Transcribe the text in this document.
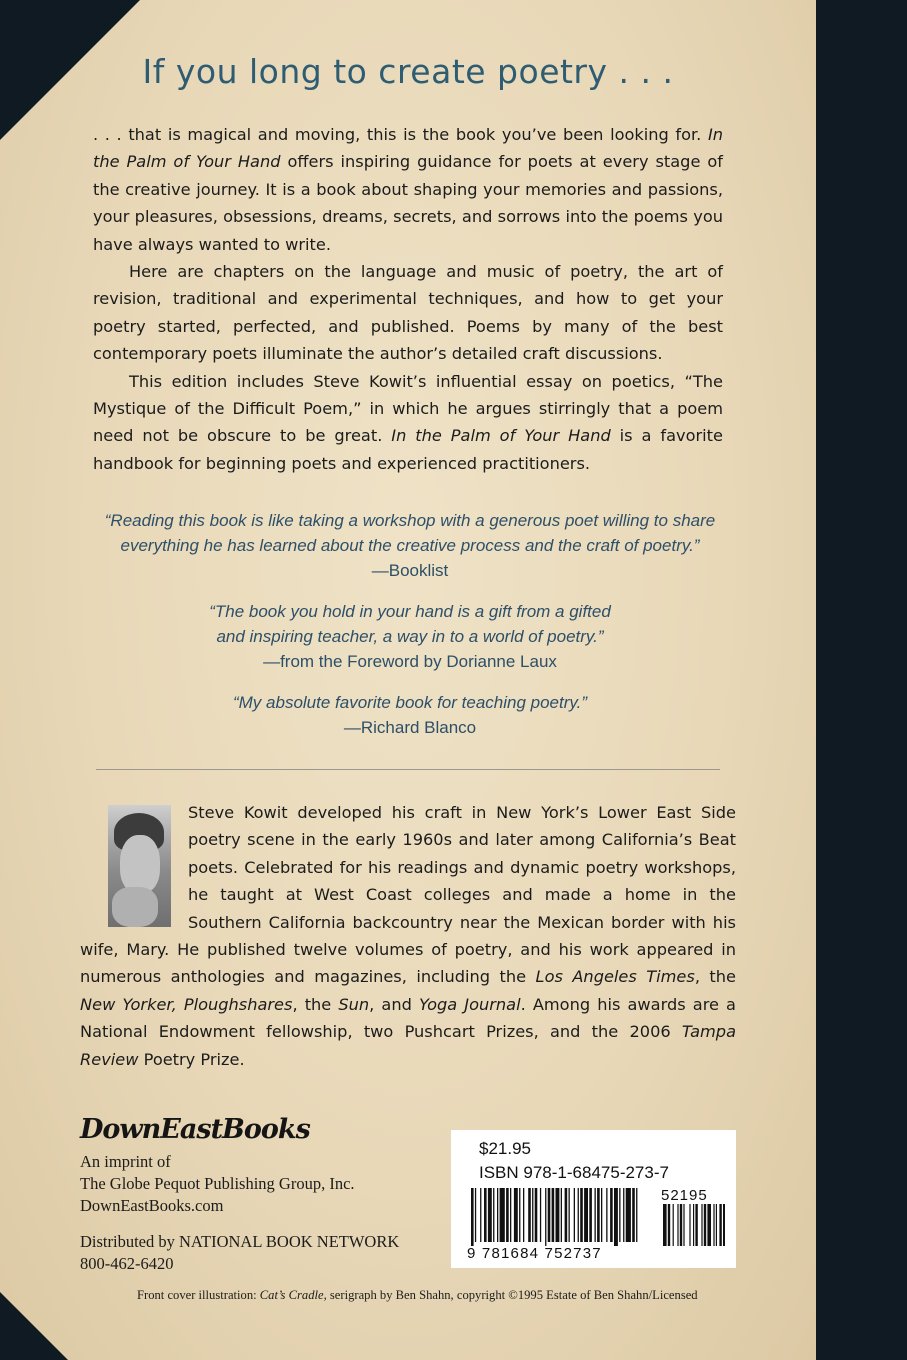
If you long to create poetry . . .

. . . that is magical and moving, this is the book you’ve been looking for. In the Palm of Your Hand offers inspiring guidance for poets at every stage of the creative journey. It is a book about shaping your memories and passions, your pleasures, obsessions, dreams, secrets, and sorrows into the poems you have always wanted to write.

Here are chapters on the language and music of poetry, the art of revision, traditional and experimental techniques, and how to get your poetry started, perfected, and published. Poems by many of the best contemporary poets illuminate the author’s detailed craft discussions.

This edition includes Steve Kowit’s influential essay on poetics, “The Mystique of the Difficult Poem,” in which he argues stirringly that a poem need not be obscure to be great. In the Palm of Your Hand is a favorite handbook for beginning poets and experienced practitioners.

“Reading this book is like taking a workshop with a generous poet willing to share
everything he has learned about the creative process and the craft of poetry.”
—Booklist

“The book you hold in your hand is a gift from a gifted
and inspiring teacher, a way in to a world of poetry.”
—from the Foreword by Dorianne Laux

“My absolute favorite book for teaching poetry.”
—Richard Blanco

Steve Kowit developed his craft in New York’s Lower East Side poetry scene in the early 1960s and later among California’s Beat poets. Celebrated for his readings and dynamic poetry workshops, he taught at West Coast colleges and made a home in the Southern California backcountry near the Mexican border with his wife, Mary. He published twelve volumes of poetry, and his work appeared in numerous anthologies and magazines, including the Los Angeles Times, the New Yorker, Ploughshares, the Sun, and Yoga Journal. Among his awards are a National Endowment fellowship, two Pushcart Prizes, and the 2006 Tampa Review Poetry Prize.

DownEastBooks

An imprint of

The Globe Pequot Publishing Group, Inc.

DownEastBooks.com

Distributed by NATIONAL BOOK NETWORK

800-462-6420

$21.95
ISBN 978-1-68475-273-7
52195
9 781684 752737

Front cover illustration: Cat’s Cradle, serigraph by Ben Shahn, copyright ©1995 Estate of Ben Shahn/Licensed
